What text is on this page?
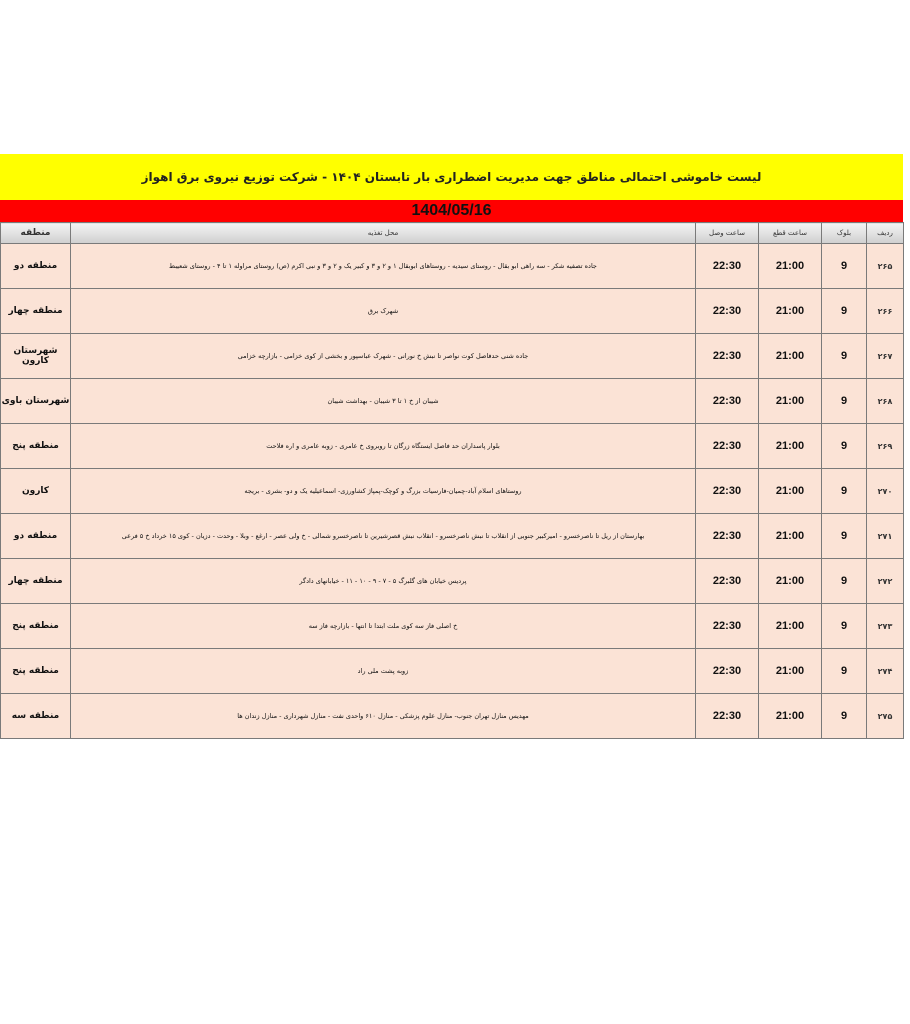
لیست خاموشی احتمالی مناطق جهت مدیریت اضطراری بار تابستان ۱۴۰۴ - شرکت توزیع نیروی برق اهواز
1404/05/16
منطقه	محل تغذیه	ساعت وصل	ساعت قطع	بلوک	ردیف
منطقه دو	جاده تصفیه شکر - سه راهی ابو بقال - روستای سیدیه - روستاهای ابوبقال ۱ و ۲ و ۳ و کبیر یک و ۲ و ۳ و نبی اکرم (ص) روستای مراوله ۱ تا ۴ - روستای شعیبط	22:30	21:00	9	۲۶۵
منطقه چهار	شهرک برق	22:30	21:00	9	۲۶۶
شهرستان کارون	جاده شنی حدفاصل کوت نواصر تا نبش خ نورانی - شهرک عباسپور و بخشی از کوی خزامی - بازارچه خزامی	22:30	21:00	9	۲۶۷
شهرستان باوی	شیبان از خ ۱ تا ۳ شیبان - بهداشت شیبان	22:30	21:00	9	۲۶۸
منطقه پنج	بلوار پاسداران حد فاصل ایستگاه زرگان تا روبروی خ عامری - زوبه عامری و اره فلاحت	22:30	21:00	9	۲۶۹
کارون	روستاهای اسلام آباد-چمیان-فارسیات بزرگ و کوچک-پمپاژ کشاورزی- اسماعیلیه یک و دو- بشری - بریجه	22:30	21:00	9	۲۷۰
منطقه دو	بهارستان از ریل تا ناصرخسرو - امیرکبیر جنوبی از انقلاب تا نبش ناصرخسرو - انقلاب نبش قصرشیرین تا ناصرخسرو شمالی - خ ولی عصر - ارغع - وبلا - وحدت - دزیان - کوی ۱۵ خرداد خ ۵ فرعی	22:30	21:00	9	۲۷۱
منطقه چهار	پردیس خیابان های گلبرگ ۵ - ۷ - ۹ - ۱۰ - ۱۱ - خیابانهای دادگر	22:30	21:00	9	۲۷۲
منطقه پنج	خ اصلی فاز سه کوی ملت ابتدا تا انتها - بازارچه فاز سه	22:30	21:00	9	۲۷۳
منطقه پنج	زوبه پشت ملی راد	22:30	21:00	9	۲۷۴
منطقه سه	مهدیس منازل تهران جنوب- منازل علوم پزشکی - منازل ۶۱۰ واحدی نفت - منازل شهرداری - منازل زندان ها	22:30	21:00	9	۲۷۵
